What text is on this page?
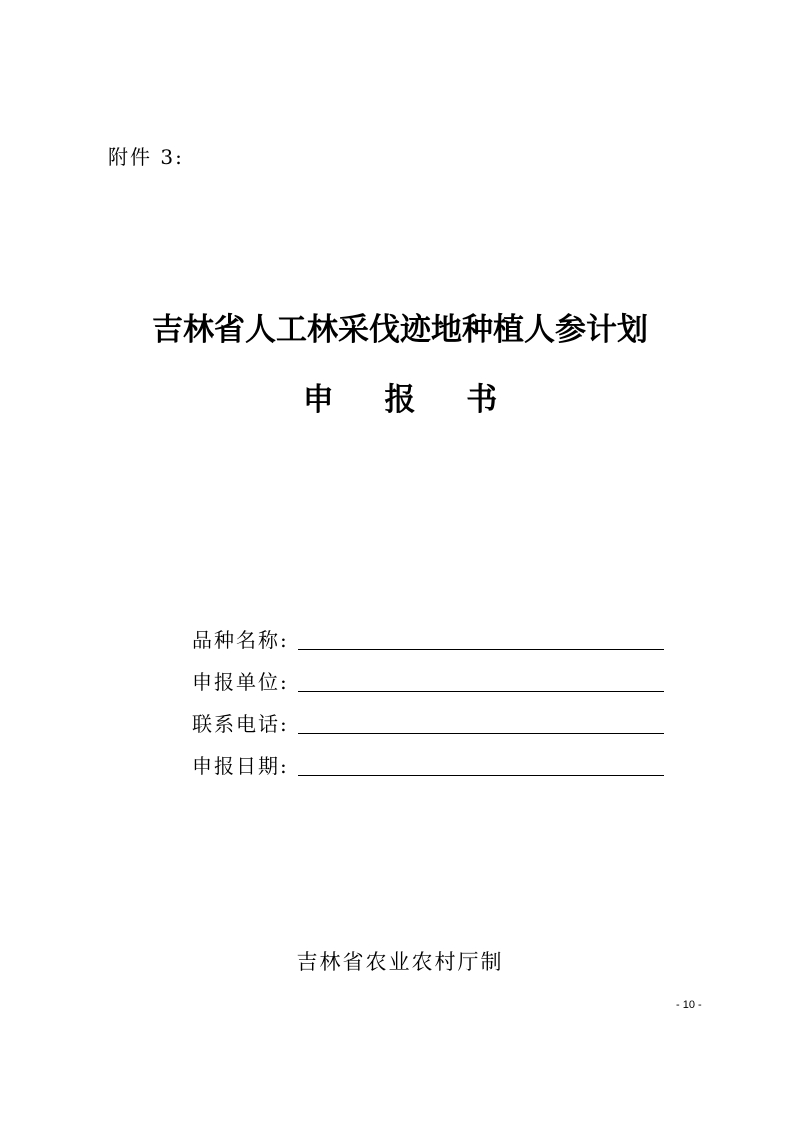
附件 3:
吉林省人工林采伐迹地种植人参计划
申 报 书
品种名称:
申报单位:
联系电话:
申报日期:
吉林省农业农村厅制
- 10 -
